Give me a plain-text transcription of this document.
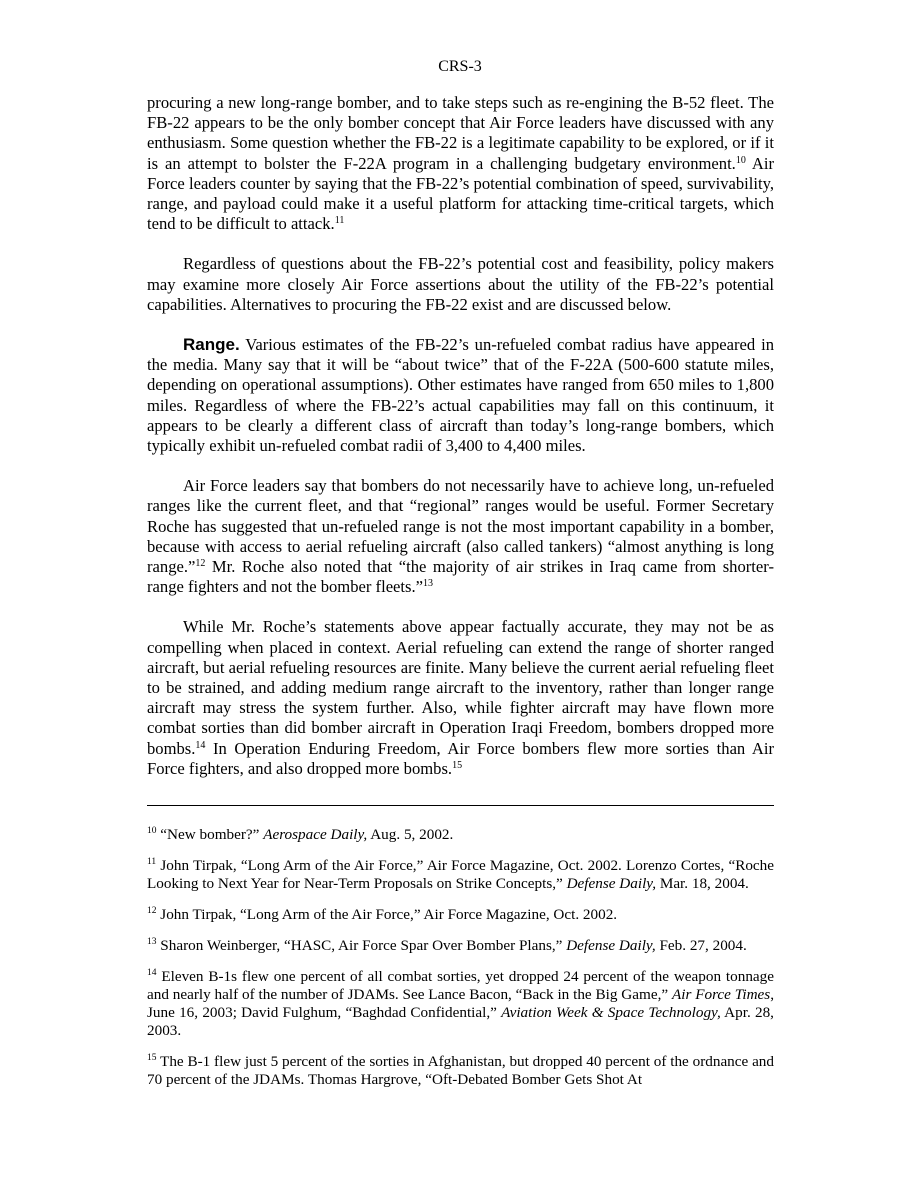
CRS-3

procuring a new long-range bomber, and to take steps such as re-engining the B-52 fleet. The FB-22 appears to be the only bomber concept that Air Force leaders have discussed with any enthusiasm. Some question whether the FB-22 is a legitimate capability to be explored, or if it is an attempt to bolster the F-22A program in a challenging budgetary environment.$^{10}$ Air Force leaders counter by saying that the FB-22’s potential combination of speed, survivability, range, and payload could make it a useful platform for attacking time-critical targets, which tend to be difficult to attack.$^{11}$

Regardless of questions about the FB-22’s potential cost and feasibility, policy makers may examine more closely Air Force assertions about the utility of the FB-22’s potential capabilities. Alternatives to procuring the FB-22 exist and are discussed below.

Range. Various estimates of the FB-22’s un-refueled combat radius have appeared in the media. Many say that it will be “about twice” that of the F-22A (500-600 statute miles, depending on operational assumptions). Other estimates have ranged from 650 miles to 1,800 miles. Regardless of where the FB-22’s actual capabilities may fall on this continuum, it appears to be clearly a different class of aircraft than today’s long-range bombers, which typically exhibit un-refueled combat radii of 3,400 to 4,400 miles.

Air Force leaders say that bombers do not necessarily have to achieve long, un-refueled ranges like the current fleet, and that “regional” ranges would be useful. Former Secretary Roche has suggested that un-refueled range is not the most important capability in a bomber, because with access to aerial refueling aircraft (also called tankers) “almost anything is long range.”$^{12}$ Mr. Roche also noted that “the majority of air strikes in Iraq came from shorter-range fighters and not the bomber fleets.”$^{13}$

While Mr. Roche’s statements above appear factually accurate, they may not be as compelling when placed in context. Aerial refueling can extend the range of shorter ranged aircraft, but aerial refueling resources are finite. Many believe the current aerial refueling fleet to be strained, and adding medium range aircraft to the inventory, rather than longer range aircraft may stress the system further. Also, while fighter aircraft may have flown more combat sorties than did bomber aircraft in Operation Iraqi Freedom, bombers dropped more bombs.$^{14}$ In Operation Enduring Freedom, Air Force bombers flew more sorties than Air Force fighters, and also dropped more bombs.$^{15}$

$^{10}$ “New bomber?” Aerospace Daily, Aug. 5, 2002.

$^{11}$ John Tirpak, “Long Arm of the Air Force,” Air Force Magazine, Oct. 2002. Lorenzo Cortes, “Roche Looking to Next Year for Near-Term Proposals on Strike Concepts,” Defense Daily, Mar. 18, 2004.

$^{12}$ John Tirpak, “Long Arm of the Air Force,” Air Force Magazine, Oct. 2002.

$^{13}$ Sharon Weinberger, “HASC, Air Force Spar Over Bomber Plans,” Defense Daily, Feb. 27, 2004.

$^{14}$ Eleven B-1s flew one percent of all combat sorties, yet dropped 24 percent of the weapon tonnage and nearly half of the number of JDAMs. See Lance Bacon, “Back in the Big Game,” Air Force Times, June 16, 2003; David Fulghum, “Baghdad Confidential,” Aviation Week & Space Technology, Apr. 28, 2003.

$^{15}$ The B-1 flew just 5 percent of the sorties in Afghanistan, but dropped 40 percent of the ordnance and 70 percent of the JDAMs. Thomas Hargrove, “Oft-Debated Bomber Gets Shot At
